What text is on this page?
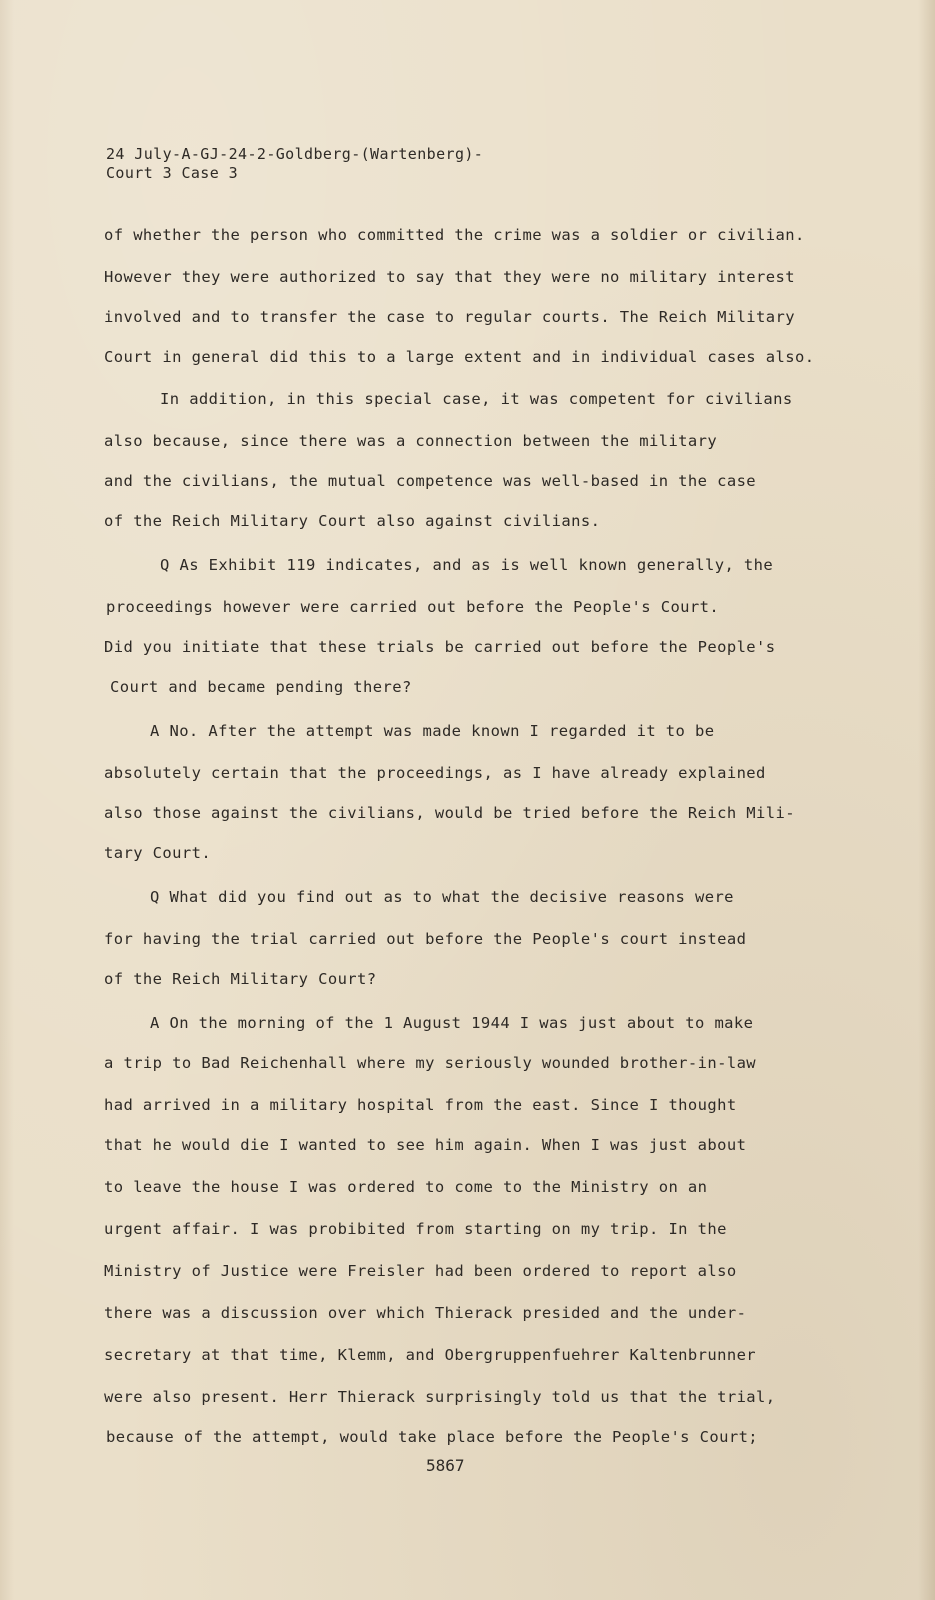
24 July-A-GJ-24-2-Goldberg-(Wartenberg)-
Court 3 Case 3

of whether the person who committed the crime was a soldier or civilian.

However they were authorized to say that they were no military interest

involved and to transfer the case to regular courts. The Reich Military

Court in general did this to a large extent and in individual cases also.

In addition, in this special case, it was competent for civilians

also because, since there was a connection between the military

and the civilians, the mutual competence was well-based in the case

of the Reich Military Court also against civilians.

Q As Exhibit 119 indicates, and as is well known generally, the

proceedings however were carried out before the People's Court.

Did you initiate that these trials be carried out before the People's

Court and became pending there?

A No. After the attempt was made known I regarded it to be

absolutely certain that the proceedings, as I have already explained

also those against the civilians, would be tried before the Reich Mili-

tary Court.

Q What did you find out as to what the decisive reasons were

for having the trial carried out before the People's court instead

of the Reich Military Court?

A On the morning of the 1 August 1944 I was just about to make

a trip to Bad Reichenhall where my seriously wounded brother-in-law

had arrived in a military hospital from the east. Since I thought

that he would die I wanted to see him again. When I was just about

to leave the house I was ordered to come to the Ministry on an

urgent affair. I was probibited from starting on my trip. In the

Ministry of Justice were Freisler had been ordered to report also

there was a discussion over which Thierack presided and the under-

secretary at that time, Klemm, and Obergruppenfuehrer Kaltenbrunner

were also present. Herr Thierack surprisingly told us that the trial,

because of the attempt, would take place before the People's Court;

5867
